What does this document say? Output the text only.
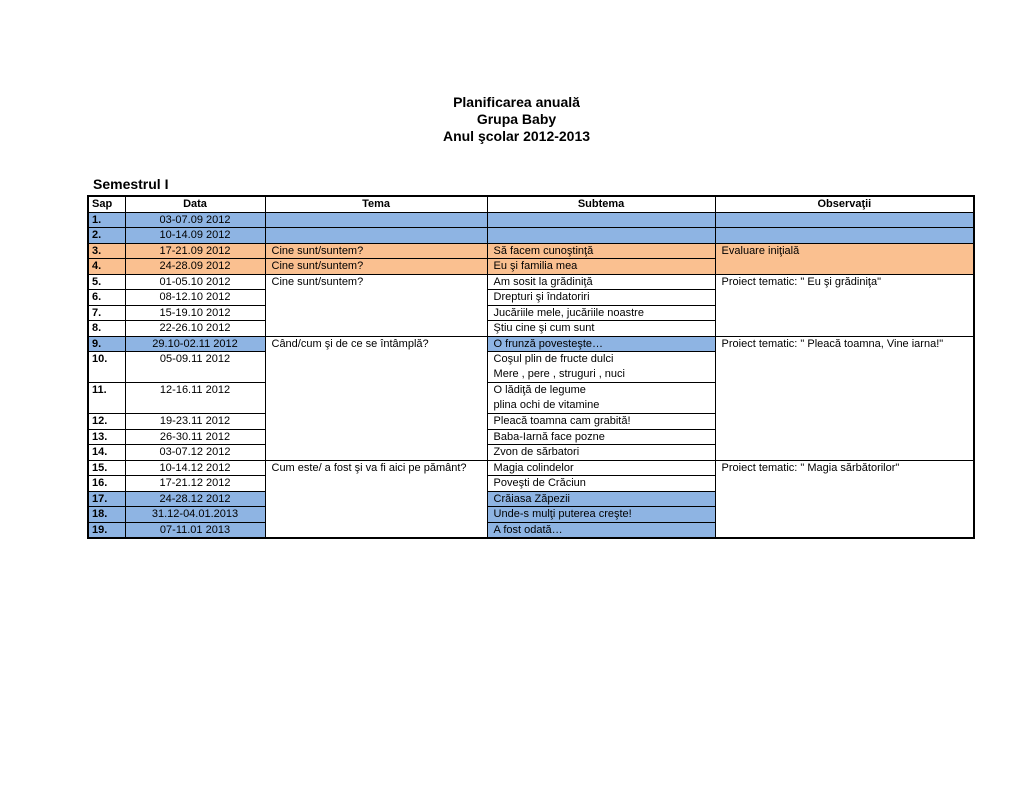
Planificarea anuală
Grupa Baby
Anul şcolar 2012-2013
Semestrul I
Sap	Data	Tema	Subtema	Observaţii
1.	03-07.09 2012			
2.	10-14.09 2012			
3.	17-21.09 2012	Cine sunt/suntem?	Să facem cunoştinţă	Evaluare iniţială
4.	24-28.09 2012	Cine sunt/suntem?	Eu şi familia mea	
5.	01-05.10 2012	Cine sunt/suntem?	Am sosit la grădiniţă	Proiect tematic: " Eu şi grădiniţa"
6.	08-12.10 2012		Drepturi şi îndatoriri	
7.	15-19.10 2012		Jucăriile mele, jucăriile noastre	
8.	22-26.10 2012		Ştiu cine şi cum sunt	
9.	29.10-02.11 2012	Când/cum şi de ce se întâmplă?	O frunză povesteşte…	Proiect tematic: " Pleacă toamna, Vine iarna!"
10.	05-09.11 2012		Coşul plin de fructe dulci
Mere , pere , struguri , nuci	

11.	12-16.11 2012		O lădiţă de legume
plina ochi de vitamine	

12.	19-23.11 2012		Pleacă toamna cam grabită!	
13.	26-30.11 2012		Baba-Iarnă face pozne	
14.	03-07.12 2012		Zvon de sărbatori	
15.	10-14.12 2012	Cum este/ a fost şi va fi aici pe pământ?	Magia colindelor	Proiect tematic: " Magia sărbătorilor"
16.	17-21.12 2012		Poveşti de Crăciun	
17.	24-28.12 2012		Crăiasa Zăpezii	
18.	31.12-04.01.2013		Unde-s mulţi puterea creşte!	
19.	07-11.01 2013		A fost odată…	
